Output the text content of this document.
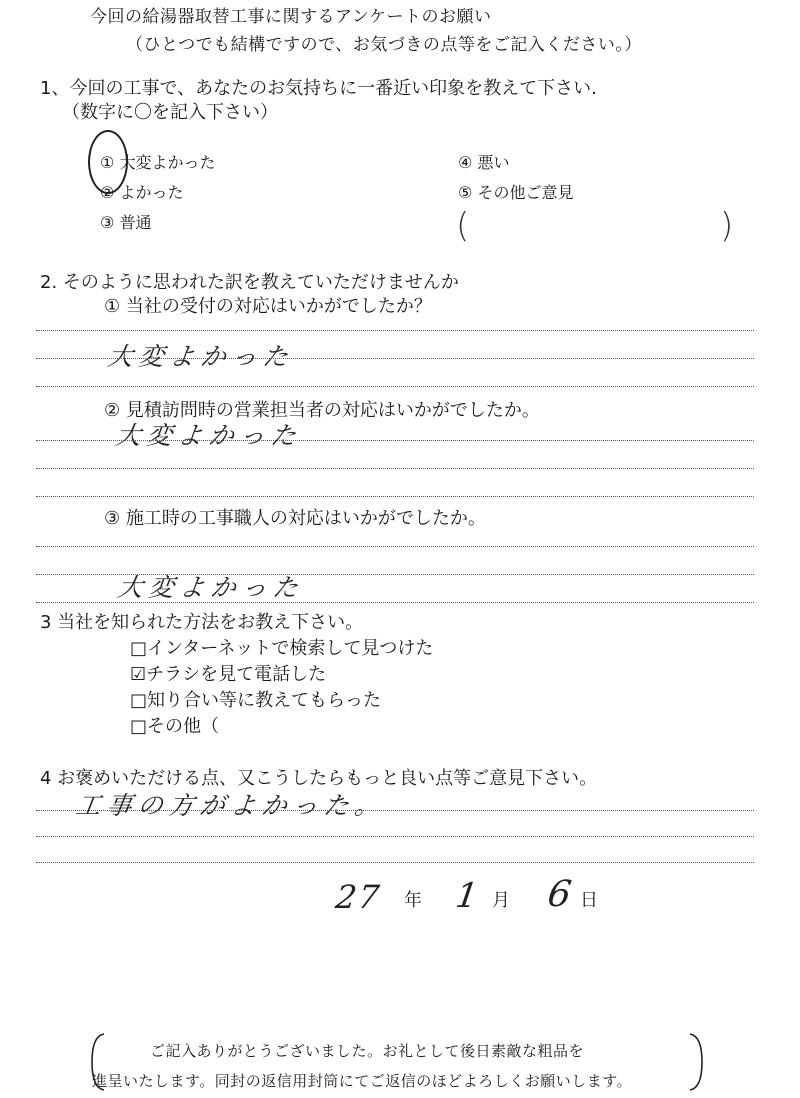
今回の給湯器取替工事に関するアンケートのお願い
（ひとつでも結構ですので、お気づきの点等をご記入ください。）
1、今回の工事で、あなたのお気持ちに一番近い印象を教えて下さい.
（数字に〇を記入下さい）
① 大変よかった
② よかった
③ 普通
④ 悪い
⑤ その他ご意見
(	)
2. そのように思われた訳を教えていただけませんか
① 当社の受付の対応はいかがでしたか？
大変よかった
② 見積訪問時の営業担当者の対応はいかがでしたか。
大変よかった
③ 施工時の工事職人の対応はいかがでしたか。
大変よかった
3 当社を知られた方法をお教え下さい。
□インターネットで検索して見つけた
☑チラシを見て電話した
□知り合い等に教えてもらった
□その他（
4 お褒めいただける点、又こうしたらもっと良い点等ご意見下さい。
工事の方がよかった。
27 年 1 月 6 日
ご記入ありがとうございました。お礼として後日素敵な粗品を
進呈いたします。同封の返信用封筒にてご返信のほどよろしくお願いします。
